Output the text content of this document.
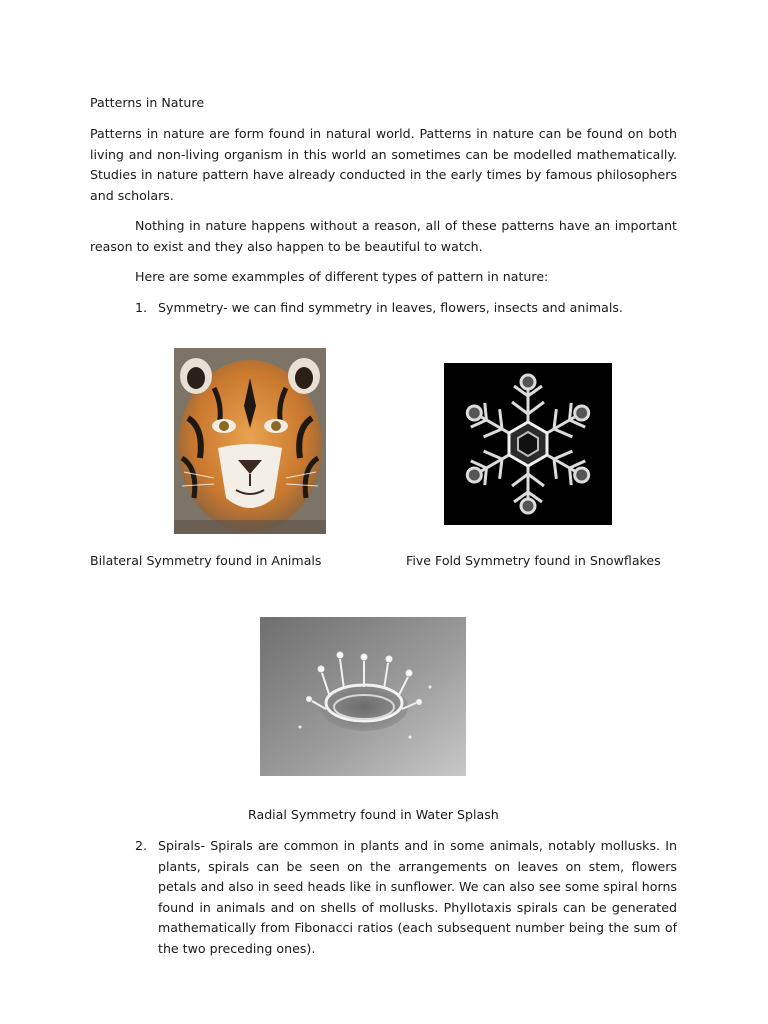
Patterns in Nature

Patterns in nature are form found in natural world. Patterns in nature can be found on both living and non-living organism in this world an sometimes can be modelled mathematically. Studies in nature pattern have already conducted in the early times by famous philosophers and scholars.

Nothing in nature happens without a reason, all of these patterns have an important reason to exist and they also happen to be beautiful to watch.

Here are some exammples of different types of pattern in nature:

1. Symmetry- we can find symmetry in leaves, flowers, insects and animals.

Bilateral Symmetry found in Animals	Five Fold Symmetry found in Snowflakes
Radial Symmetry found in Water Splash
2. Spirals- Spirals are common in plants and in some animals, notably mollusks. In plants, spirals can be seen on the arrangements on leaves on stem, flowers petals and also in seed heads like in sunflower. We can also see some spiral horns found in animals and on shells of mollusks. Phyllotaxis spirals can be generated mathematically from Fibonacci ratios (each subsequent number being the sum of the two preceding ones).
